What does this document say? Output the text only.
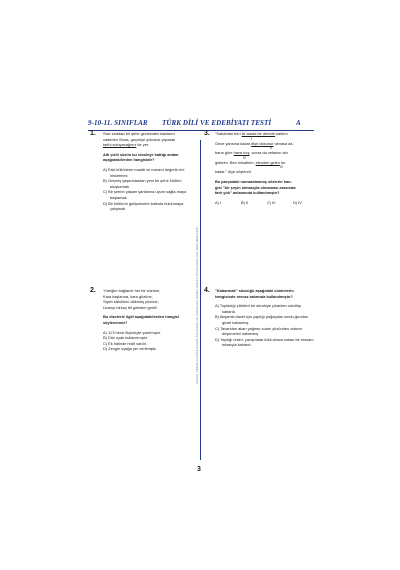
9-10-11. SINIFLAR TÜRK DİLİ VE EDEBİYATI TESTİ	A
SUNUŞ: ZEKİSETLERİNE İLİŞKİN BİLGİLERE VE SORULARA TAHMİN EDİLEN YAYINLARDA YER VERİLMEKTEDİR.
1. Size sırada̶n bir şehir gezisinden fazlasını

vadeden Sivas, geçmişe yolculuk yaparak

tarihi soluyacağınız bir yer.

Altı çizili sözün bu cümleye kattığı anlam

aşağıdakilerden hangisidir?

A) Eski kültürlerin maddi ve manevi değerle-rini hissetmek
B) Geçmiş yaşantılardan yeni bir şehir kültürü oluşturmak
C) Bir şehrin yaşam şartlarına uyum sağla-maya başlamak
D) Bir kültürün gelişmesine katkıda bulunmaya çalışmak
3. "Sabahtan beri iki arada bir derede kaldım.

I

Gece yarısına kadar dişe dokunur olmasa da,

II

bana göre hava hoş, sonra da vefasını alır

III

giderim. Ben misafirim, elimden gelen bu

IV

kadar." diye söylendi.

Bu parçadaki numaralanmış sözlerin han-

gisi "bir şeyin olmasıyla olmaması arasında

fark yok" anlamında kullanılmıştır?

A) I	B) II	C) III	D) IV
2. Yüreğim bağlandı her bir sözüne,

Kara kaşlarına, kara gözüne,

Siyah kâkülünü dökmüş yüzüne,

Uzanıp birkaç tel gelesim geldi!

Bu dizelerle ilgili aşağıdakilerden hangisi

söylenemez?

A) 11'li hece ölçüsüyle yazılmıştır.
B) Düz uyak kullanılmıştır.
C) Ek hâlinde redif vardır.
D) Zengin uyağa yer verilmiştir.
4. "Kabarmak" sözcüğü aşağıdaki cümlelerin

hangisinde mecaz anlamda kullanılmıştır?

A) Topladığı çilekleri bir sürahiye yıkarken süzülüp kabardı.
B) Akşamki davet için yaptığı poğaçalar umdu-ğundan güzel kabarmış.
C) Tavandan akan yağmur suları yüzünden odanın döşemeleri kabarmış.
D) Yaptığı resim, yarışmada ödül alınca ustası bir ressam edasıyla kabardı.
3
